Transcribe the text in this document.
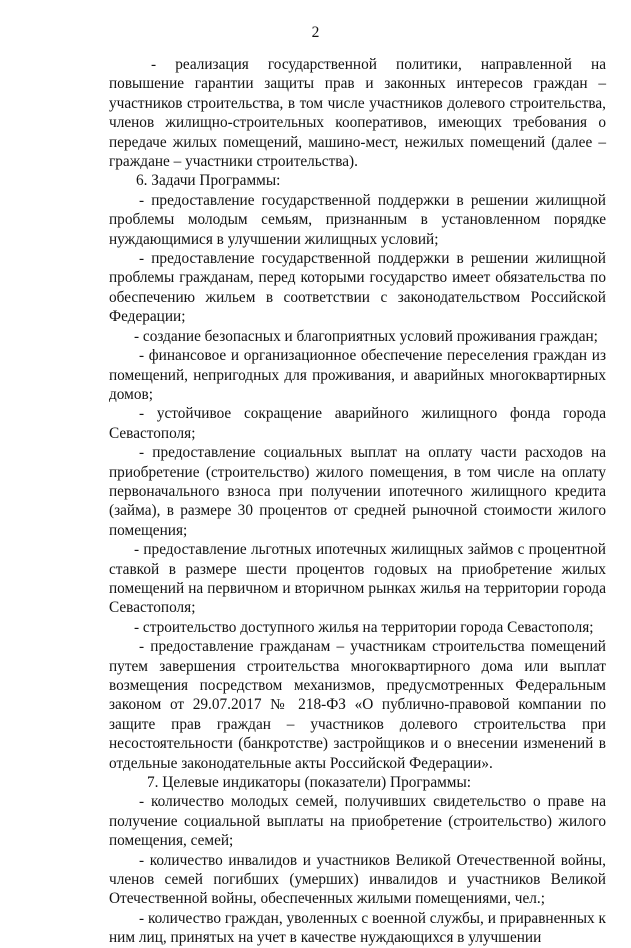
2

- реализация государственной политики, направленной на повышение гарантии защиты прав и законных интересов граждан – участников строительства, в том числе участников долевого строительства, членов жилищно-строительных кооперативов, имеющих требования о передаче жилых помещений, машино-мест, нежилых помещений (далее – граждане – участники строительства).

6. Задачи Программы:

- предоставление государственной поддержки в решении жилищной проблемы молодым семьям, признанным в установленном порядке нуждающимися в улучшении жилищных условий;

- предоставление государственной поддержки в решении жилищной проблемы гражданам, перед которыми государство имеет обязательства по обеспечению жильем в соответствии с законодательством Российской Федерации;

- создание безопасных и благоприятных условий проживания граждан;

- финансовое и организационное обеспечение переселения граждан из помещений, непригодных для проживания, и аварийных многоквартирных домов;

- устойчивое сокращение аварийного жилищного фонда города Севастополя;

- предоставление социальных выплат на оплату части расходов на приобретение (строительство) жилого помещения, в том числе на оплату первоначального взноса при получении ипотечного жилищного кредита (займа), в размере 30 процентов от средней рыночной стоимости жилого помещения;

- предоставление льготных ипотечных жилищных займов с процентной ставкой в размере шести процентов годовых на приобретение жилых помещений на первичном и вторичном рынках жилья на территории города Севастополя;

- строительство доступного жилья на территории города Севастополя;

- предоставление гражданам – участникам строительства помещений путем завершения строительства многоквартирного дома или выплат возмещения посредством механизмов, предусмотренных Федеральным законом от 29.07.2017 № 218-ФЗ «О публично-правовой компании по защите прав граждан – участников долевого строительства при несостоятельности (банкротстве) застройщиков и о внесении изменений в отдельные законодательные акты Российской Федерации».

7. Целевые индикаторы (показатели) Программы:

- количество молодых семей, получивших свидетельство о праве на получение социальной выплаты на приобретение (строительство) жилого помещения, семей;

- количество инвалидов и участников Великой Отечественной войны, членов семей погибших (умерших) инвалидов и участников Великой Отечественной войны, обеспеченных жилыми помещениями, чел.;

- количество граждан, уволенных с военной службы, и приравненных к ним лиц, принятых на учет в качестве нуждающихся в улучшении
